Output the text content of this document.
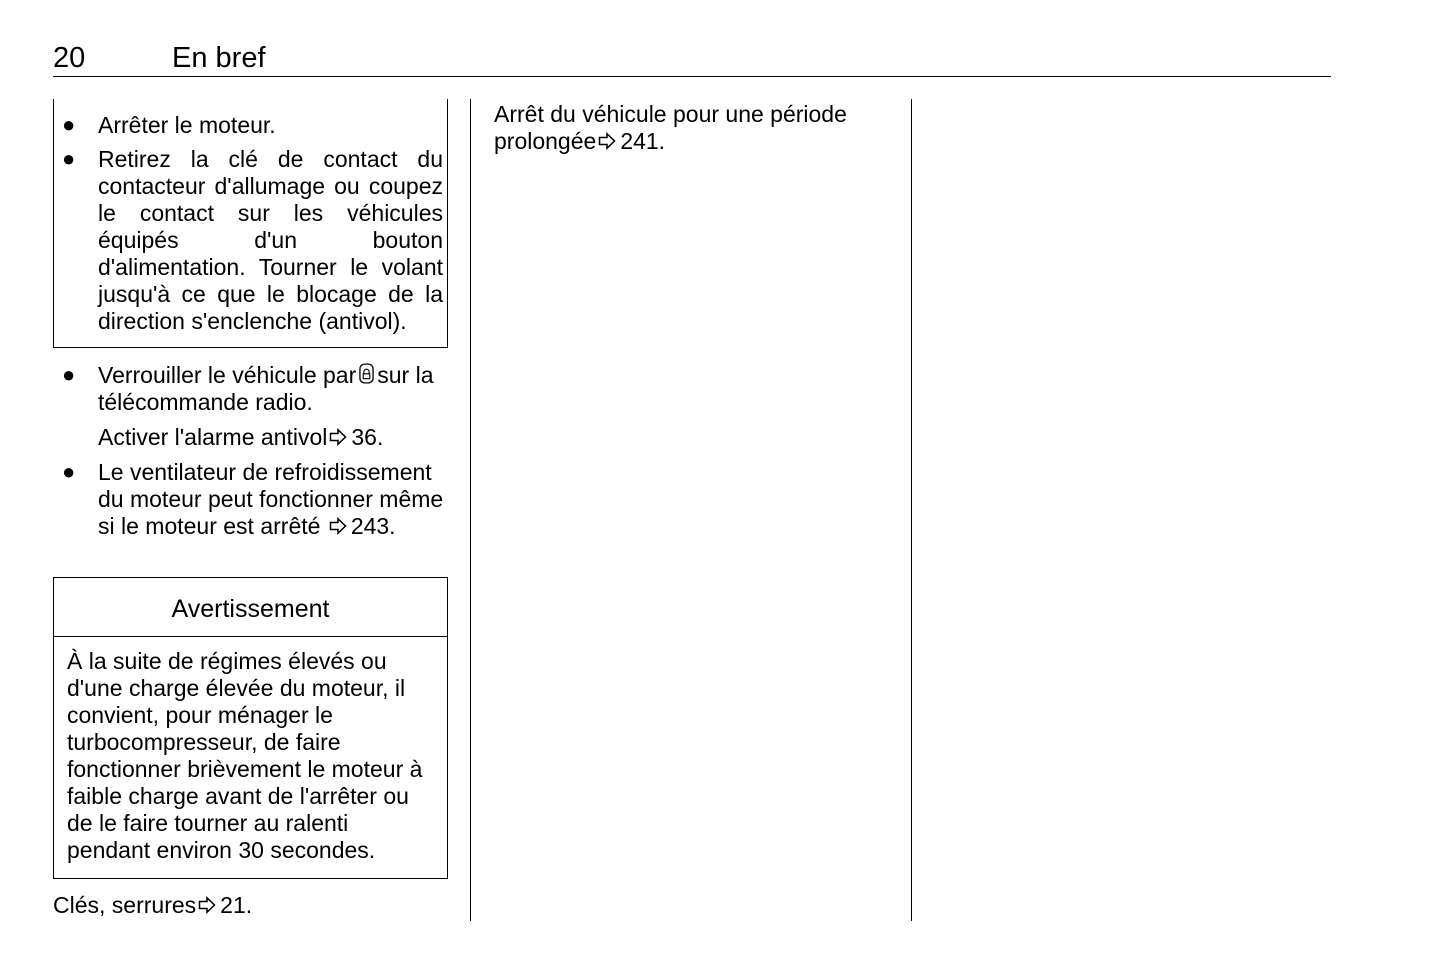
20	En bref
● Arrêter le moteur.
● Retirez la clé de contact du contacteur d'allumage ou coupez le contact sur les véhicules équipés d'un bouton d'alimentation. Tourner le volant jusqu'à ce que le blocage de la direction s'enclenche (antivol).
● Verrouiller le véhicule par sur la télécommande radio.
Activer l'alarme antivol 36.
● Le ventilateur de refroidissement du moteur peut fonctionner même si le moteur est arrêté 243.
Avertissement
À la suite de régimes élevés ou d'une charge élevée du moteur, il convient, pour ménager le turbocompresseur, de faire fonctionner brièvement le moteur à faible charge avant de l'arrêter ou de le faire tourner au ralenti pendant environ 30 secondes.
Clés, serrures 21.
Arrêt du véhicule pour une période prolongée 241.
